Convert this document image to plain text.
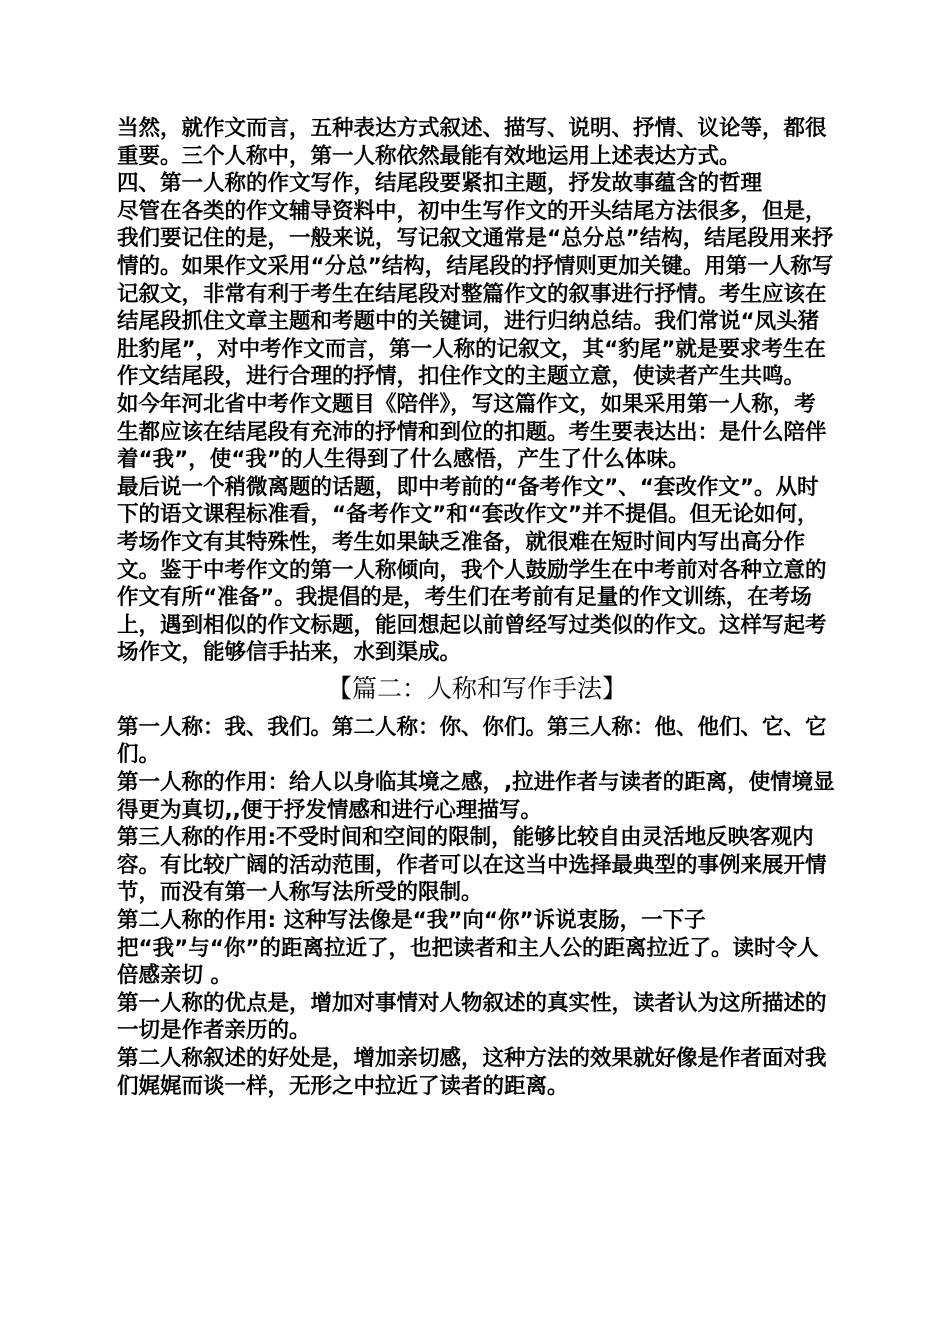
当然，就作文而言，五种表达方式叙述、描写、说明、抒情、议论等，都很重要。三个人称中，第一人称依然最能有效地运用上述表达方式。

四、第一人称的作文写作，结尾段要紧扣主题，抒发故事蕴含的哲理

尽管在各类的作文辅导资料中，初中生写作文的开头结尾方法很多，但是，我们要记住的是，一般来说，写记叙文通常是“总分总”结构，结尾段用来抒情的。如果作文采用“分总”结构，结尾段的抒情则更加关键。用第一人称写记叙文，非常有利于考生在结尾段对整篇作文的叙事进行抒情。考生应该在结尾段抓住文章主题和考题中的关键词，进行归纳总结。我们常说“凤头猪肚豹尾”，对中考作文而言，第一人称的记叙文，其“豹尾”就是要求考生在作文结尾段，进行合理的抒情，扣住作文的主题立意，使读者产生共鸣。

如今年河北省中考作文题目《陪伴》，写这篇作文，如果采用第一人称，考生都应该在结尾段有充沛的抒情和到位的扣题。考生要表达出：是什么陪伴着“我”，使“我”的人生得到了什么感悟，产生了什么体味。

最后说一个稍微离题的话题，即中考前的“备考作文”、“套改作文”。从时下的语文课程标准看，“备考作文”和“套改作文”并不提倡。但无论如何，考场作文有其特殊性，考生如果缺乏准备，就很难在短时间内写出高分作文。鉴于中考作文的第一人称倾向，我个人鼓励学生在中考前对各种立意的作文有所“准备”。我提倡的是，考生们在考前有足量的作文训练，在考场上，遇到相似的作文标题，能回想起以前曾经写过类似的作文。这样写起考场作文，能够信手拈来，水到渠成。

【篇二：人称和写作手法】

第一人称：我、我们。第二人称：你、你们。第三人称：他、他们、它、它们。

第一人称的作用：给人以身临其境之感，,拉进作者与读者的距离，使情境显得更为真切,,便于抒发情感和进行心理描写。

第三人称的作用:不受时间和空间的限制，能够比较自由灵活地反映客观内容。有比较广阔的活动范围，作者可以在这当中选择最典型的事例来展开情节，而没有第一人称写法所受的限制。

第二人称的作用: 这种写法像是“我”向“你”诉说衷肠，一下子把“我”与“你”的距离拉近了，也把读者和主人公的距离拉近了。读时令人倍感亲切 。

第一人称的优点是，增加对事情对人物叙述的真实性，读者认为这所描述的一切是作者亲历的。

第二人称叙述的好处是，增加亲切感，这种方法的效果就好像是作者面对我们娓娓而谈一样，无形之中拉近了读者的距离。
